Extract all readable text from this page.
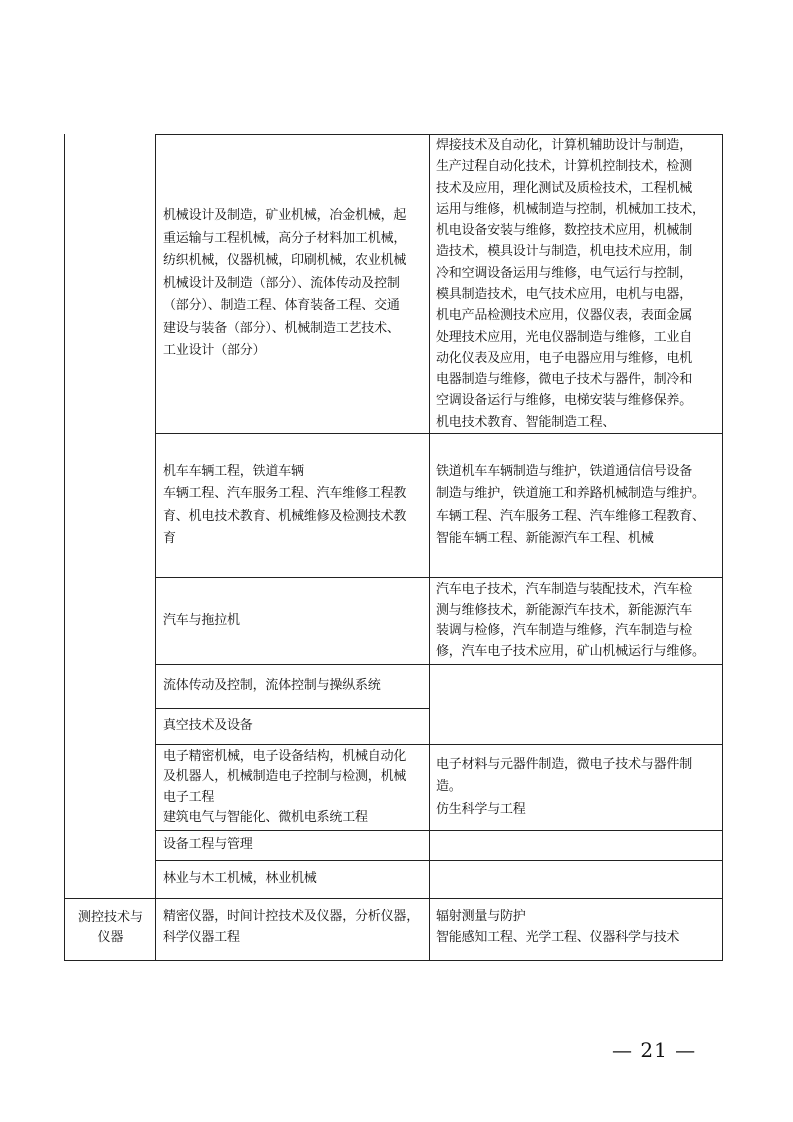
机械设计及制造，矿业机械，冶金机械，起
重运输与工程机械，高分子材料加工机械，
纺织机械，仪器机械，印刷机械，农业机械
机械设计及制造（部分）、流体传动及控制
（部分）、制造工程、体育装备工程、交通
建设与装备（部分）、机械制造工艺技术、
工业设计（部分）
焊接技术及自动化，计算机辅助设计与制造，
生产过程自动化技术，计算机控制技术，检测
技术及应用，理化测试及质检技术，工程机械
运用与维修，机械制造与控制，机械加工技术，
机电设备安装与维修，数控技术应用，机械制
造技术，模具设计与制造，机电技术应用，制
冷和空调设备运用与维修，电气运行与控制，
模具制造技术，电气技术应用，电机与电器，
机电产品检测技术应用，仪器仪表，表面金属
处理技术应用，光电仪器制造与维修，工业自
动化仪表及应用，电子电器应用与维修，电机
电器制造与维修，微电子技术与器件，制冷和
空调设备运行与维修，电梯安装与维修保养。
机电技术教育、智能制造工程、
机车车辆工程，铁道车辆
车辆工程、汽车服务工程、汽车维修工程教
育、机电技术教育、机械维修及检测技术教
育
铁道机车车辆制造与维护，铁道通信信号设备
制造与维护，铁道施工和养路机械制造与维护。
车辆工程、汽车服务工程、汽车维修工程教育、
智能车辆工程、新能源汽车工程、机械
汽车与拖拉机
汽车电子技术，汽车制造与装配技术，汽车检
测与维修技术，新能源汽车技术，新能源汽车
装调与检修，汽车制造与维修，汽车制造与检
修，汽车电子技术应用，矿山机械运行与维修。
流体传动及控制，流体控制与操纵系统
真空技术及设备
电子精密机械，电子设备结构，机械自动化
及机器人，机械制造电子控制与检测，机械
电子工程
建筑电气与智能化、微机电系统工程
电子材料与元器件制造，微电子技术与器件制
造。
仿生科学与工程
设备工程与管理
林业与木工机械，林业机械
测控技术与
仪器
精密仪器，时间计控技术及仪器，分析仪器，
科学仪器工程
辐射测量与防护
智能感知工程、光学工程、仪器科学与技术
— 21 —
